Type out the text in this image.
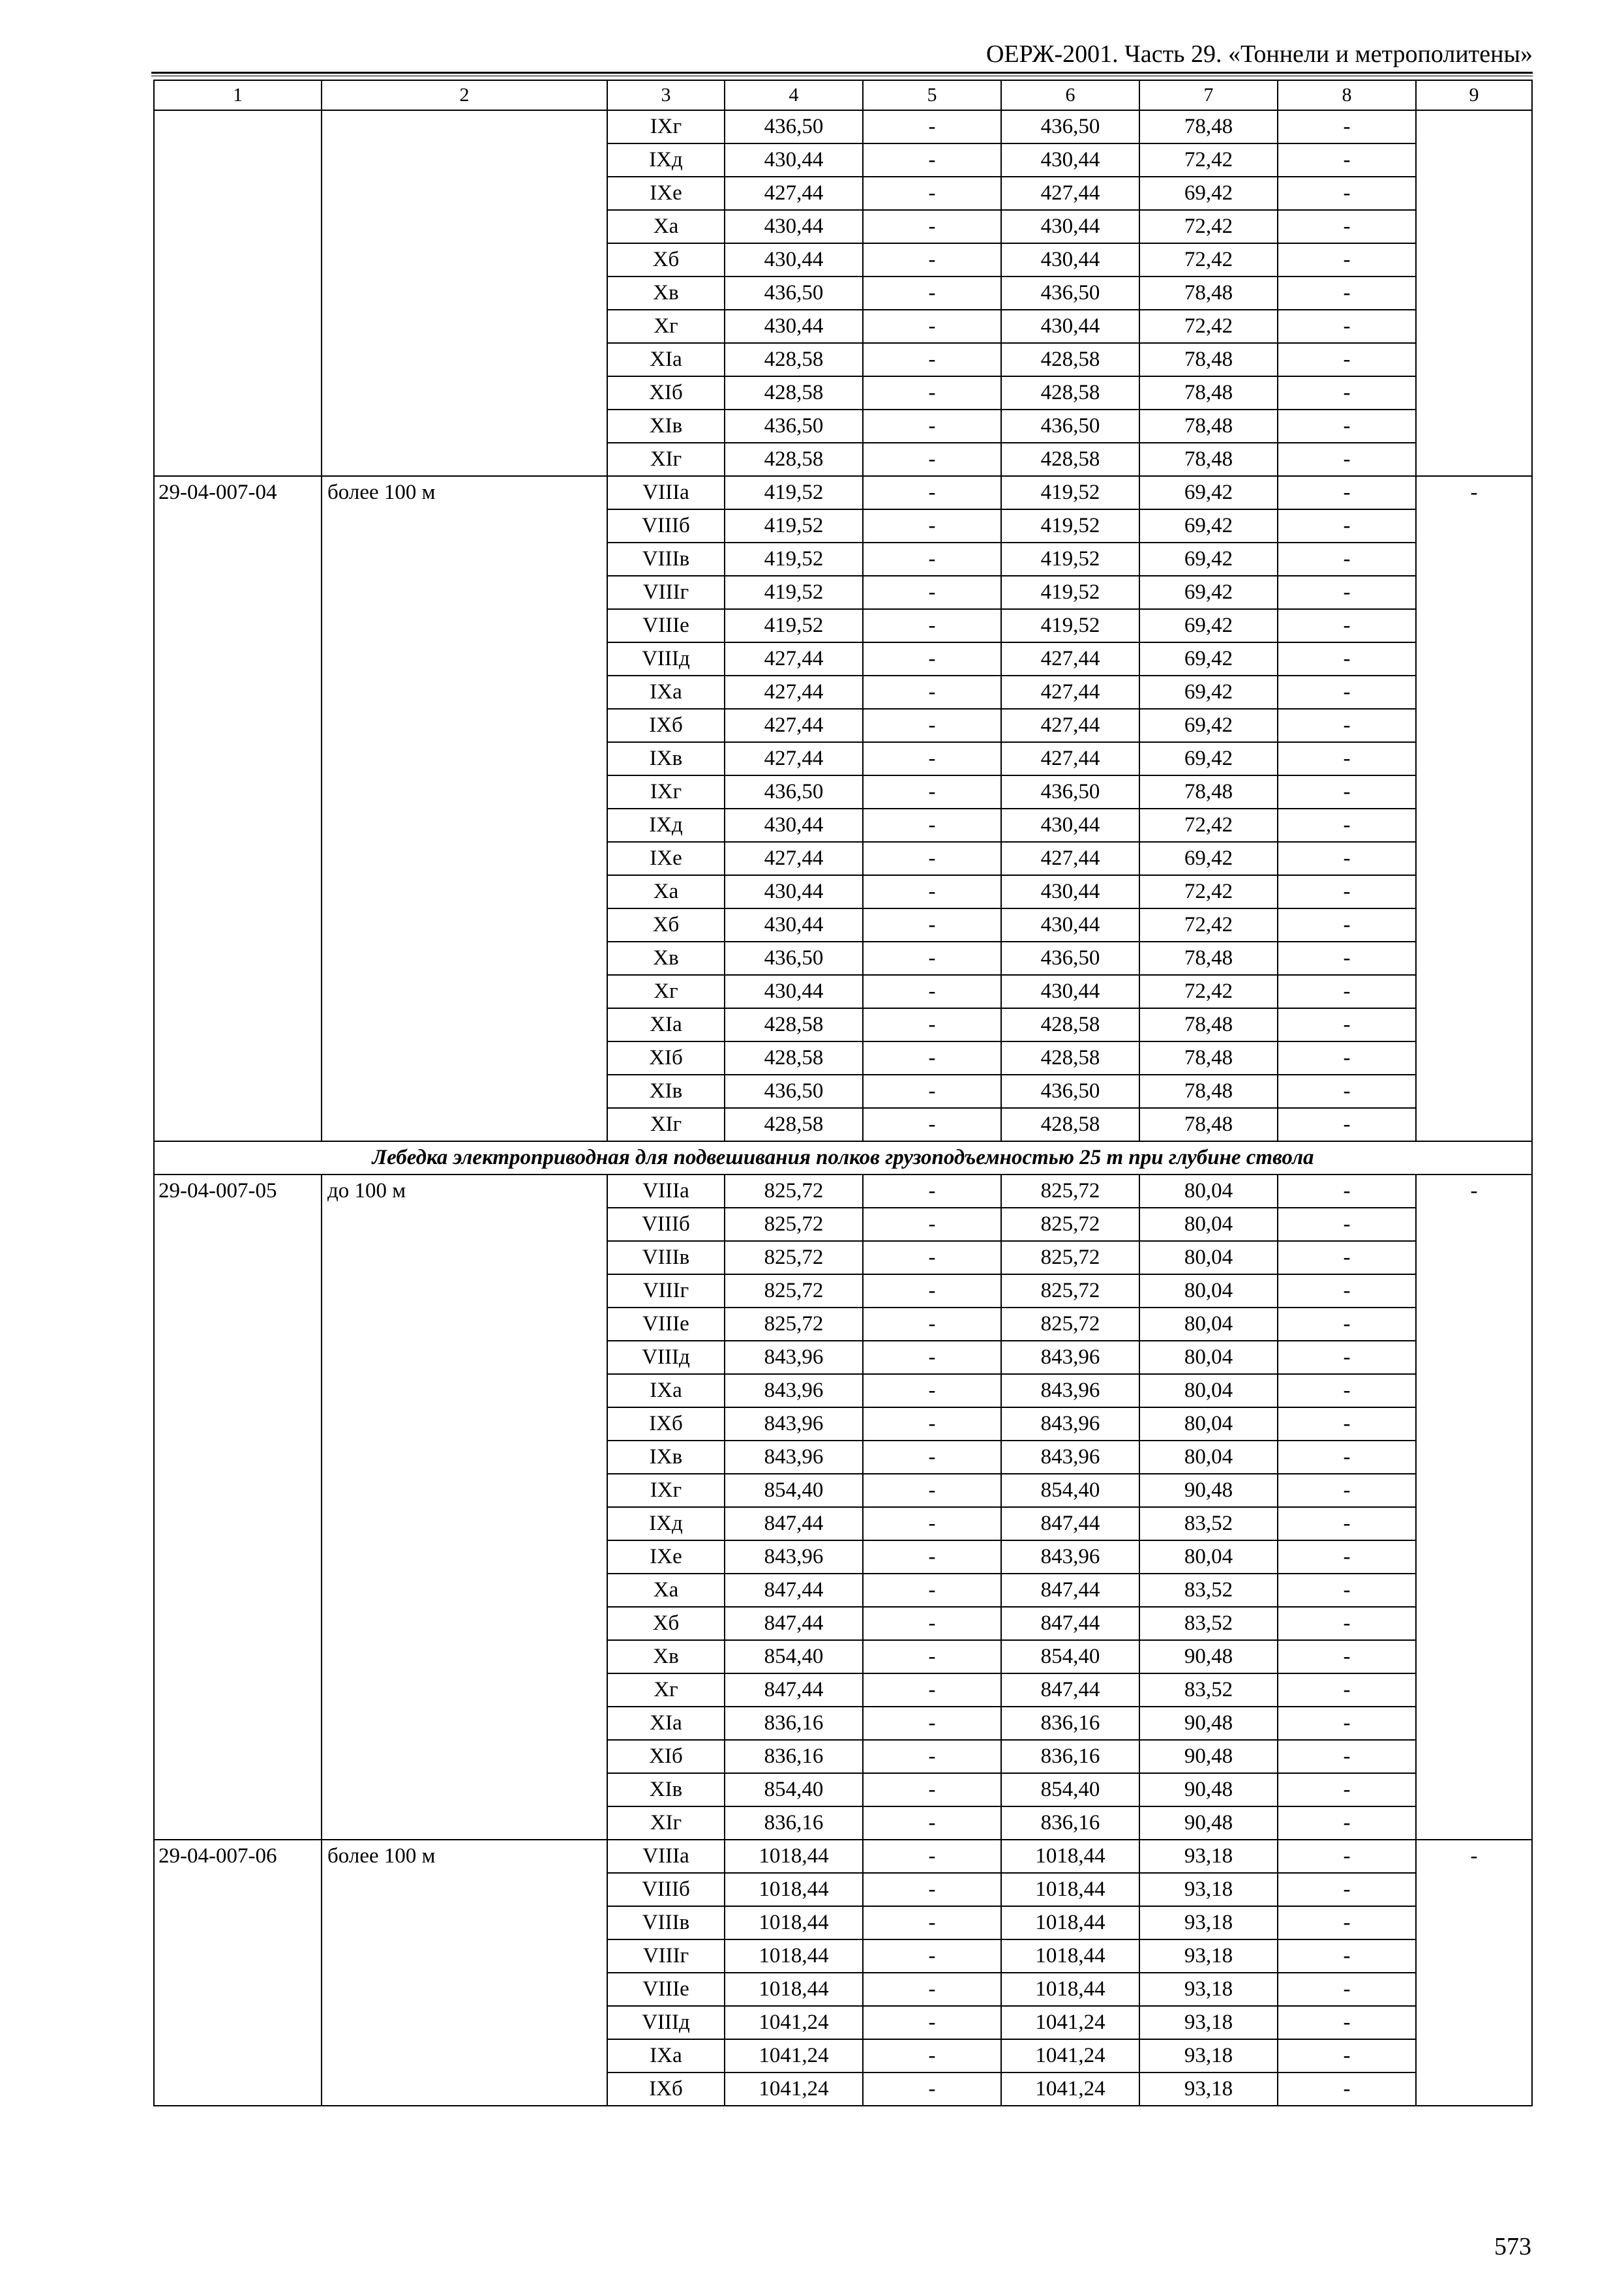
ОЕРЖ-2001. Часть 29. «Тоннели и метрополитены»
1	2	3	4	5	6	7	8	9
		IXг	436,50	-	436,50	78,48	-	
		IXд	430,44	-	430,44	72,42	-	
		IXе	427,44	-	427,44	69,42	-	
		Xа	430,44	-	430,44	72,42	-	
		Xб	430,44	-	430,44	72,42	-	
		Xв	436,50	-	436,50	78,48	-	
		Xг	430,44	-	430,44	72,42	-	
		XIа	428,58	-	428,58	78,48	-	
		XIб	428,58	-	428,58	78,48	-	
		XIв	436,50	-	436,50	78,48	-	
		XIг	428,58	-	428,58	78,48	-	
29-04-007-04	более 100 м	VIIIа	419,52	-	419,52	69,42	-	-
		VIIIб	419,52	-	419,52	69,42	-	
		VIIIв	419,52	-	419,52	69,42	-	
		VIIIг	419,52	-	419,52	69,42	-	
		VIIIе	419,52	-	419,52	69,42	-	
		VIIIд	427,44	-	427,44	69,42	-	
		IXа	427,44	-	427,44	69,42	-	
		IXб	427,44	-	427,44	69,42	-	
		IXв	427,44	-	427,44	69,42	-	
		IXг	436,50	-	436,50	78,48	-	
		IXд	430,44	-	430,44	72,42	-	
		IXе	427,44	-	427,44	69,42	-	
		Xа	430,44	-	430,44	72,42	-	
		Xб	430,44	-	430,44	72,42	-	
		Xв	436,50	-	436,50	78,48	-	
		Xг	430,44	-	430,44	72,42	-	
		XIа	428,58	-	428,58	78,48	-	
		XIб	428,58	-	428,58	78,48	-	
		XIв	436,50	-	436,50	78,48	-	
		XIг	428,58	-	428,58	78,48	-	
Лебедка электроприводная для подвешивания полков грузоподъемностью 25 т при глубине ствола								
29-04-007-05	до 100 м	VIIIа	825,72	-	825,72	80,04	-	-
		VIIIб	825,72	-	825,72	80,04	-	
		VIIIв	825,72	-	825,72	80,04	-	
		VIIIг	825,72	-	825,72	80,04	-	
		VIIIе	825,72	-	825,72	80,04	-	
		VIIIд	843,96	-	843,96	80,04	-	
		IXа	843,96	-	843,96	80,04	-	
		IXб	843,96	-	843,96	80,04	-	
		IXв	843,96	-	843,96	80,04	-	
		IXг	854,40	-	854,40	90,48	-	
		IXд	847,44	-	847,44	83,52	-	
		IXе	843,96	-	843,96	80,04	-	
		Xа	847,44	-	847,44	83,52	-	
		Xб	847,44	-	847,44	83,52	-	
		Xв	854,40	-	854,40	90,48	-	
		Xг	847,44	-	847,44	83,52	-	
		XIа	836,16	-	836,16	90,48	-	
		XIб	836,16	-	836,16	90,48	-	
		XIв	854,40	-	854,40	90,48	-	
		XIг	836,16	-	836,16	90,48	-	
29-04-007-06	более 100 м	VIIIа	1018,44	-	1018,44	93,18	-	-
		VIIIб	1018,44	-	1018,44	93,18	-	
		VIIIв	1018,44	-	1018,44	93,18	-	
		VIIIг	1018,44	-	1018,44	93,18	-	
		VIIIе	1018,44	-	1018,44	93,18	-	
		VIIIд	1041,24	-	1041,24	93,18	-	
		IXа	1041,24	-	1041,24	93,18	-	
		IXб	1041,24	-	1041,24	93,18	-	
573
